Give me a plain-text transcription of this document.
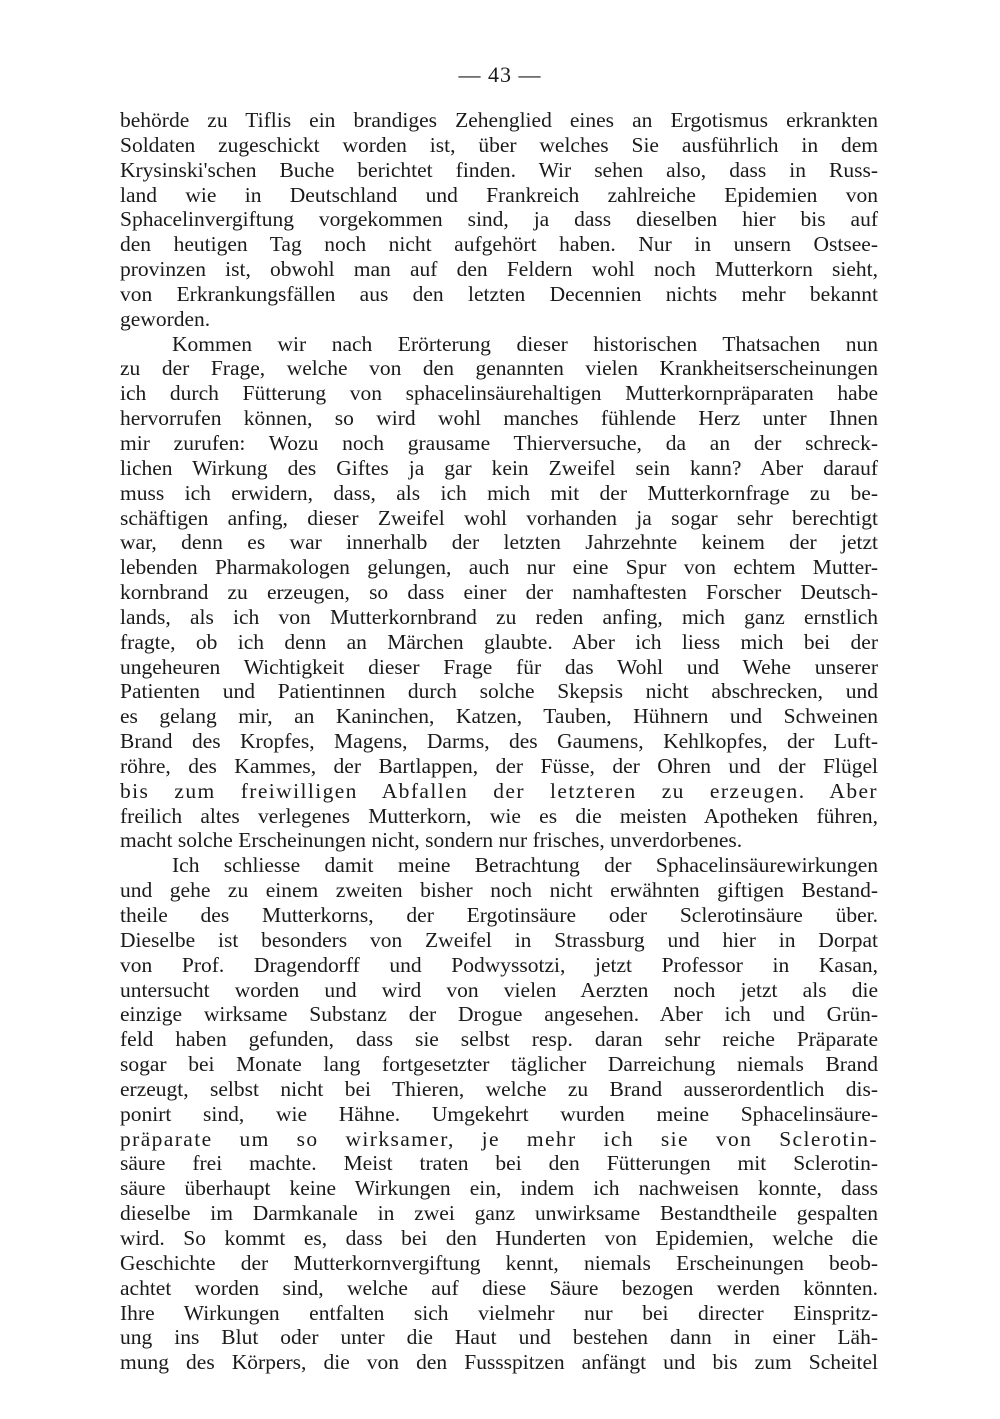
— 43 —
behörde zu Tiflis ein brandiges Zehenglied eines an Ergotismus erkrankten
Soldaten zugeschickt worden ist, über welches Sie ausführlich in dem
Krysinski'schen Buche berichtet finden. Wir sehen also, dass in Russ-
land wie in Deutschland und Frankreich zahlreiche Epidemien von
Sphacelinvergiftung vorgekommen sind, ja dass dieselben hier bis auf
den heutigen Tag noch nicht aufgehört haben. Nur in unsern Ostsee-
provinzen ist, obwohl man auf den Feldern wohl noch Mutterkorn sieht,
von Erkrankungsfällen aus den letzten Decennien nichts mehr bekannt
geworden.
Kommen wir nach Erörterung dieser historischen Thatsachen nun
zu der Frage, welche von den genannten vielen Krankheitserscheinungen
ich durch Fütterung von sphacelinsäurehaltigen Mutterkornpräparaten habe
hervorrufen können, so wird wohl manches fühlende Herz unter Ihnen
mir zurufen: Wozu noch grausame Thierversuche, da an der schreck-
lichen Wirkung des Giftes ja gar kein Zweifel sein kann? Aber darauf
muss ich erwidern, dass, als ich mich mit der Mutterkornfrage zu be-
schäftigen anfing, dieser Zweifel wohl vorhanden ja sogar sehr berechtigt
war, denn es war innerhalb der letzten Jahrzehnte keinem der jetzt
lebenden Pharmakologen gelungen, auch nur eine Spur von echtem Mutter-
kornbrand zu erzeugen, so dass einer der namhaftesten Forscher Deutsch-
lands, als ich von Mutterkornbrand zu reden anfing, mich ganz ernstlich
fragte, ob ich denn an Märchen glaubte. Aber ich liess mich bei der
ungeheuren Wichtigkeit dieser Frage für das Wohl und Wehe unserer
Patienten und Patientinnen durch solche Skepsis nicht abschrecken, und
es gelang mir, an Kaninchen, Katzen, Tauben, Hühnern und Schweinen
Brand des Kropfes, Magens, Darms, des Gaumens, Kehlkopfes, der Luft-
röhre, des Kammes, der Bartlappen, der Füsse, der Ohren und der Flügel
bis zum freiwilligen Abfallen der letzteren zu erzeugen. Aber
freilich altes verlegenes Mutterkorn, wie es die meisten Apotheken führen,
macht solche Erscheinungen nicht, sondern nur frisches, unverdorbenes.
Ich schliesse damit meine Betrachtung der Sphacelinsäurewirkungen
und gehe zu einem zweiten bisher noch nicht erwähnten giftigen Bestand-
theile des Mutterkorns, der Ergotinsäure oder Sclerotinsäure über.
Dieselbe ist besonders von Zweifel in Strassburg und hier in Dorpat
von Prof. Dragendorff und Podwyssotzi, jetzt Professor in Kasan,
untersucht worden und wird von vielen Aerzten noch jetzt als die
einzige wirksame Substanz der Drogue angesehen. Aber ich und Grün-
feld haben gefunden, dass sie selbst resp. daran sehr reiche Präparate
sogar bei Monate lang fortgesetzter täglicher Darreichung niemals Brand
erzeugt, selbst nicht bei Thieren, welche zu Brand ausserordentlich dis-
ponirt sind, wie Hähne. Umgekehrt wurden meine Sphacelinsäure-
präparate um so wirksamer, je mehr ich sie von Sclerotin-
säure frei machte. Meist traten bei den Fütterungen mit Sclerotin-
säure überhaupt keine Wirkungen ein, indem ich nachweisen konnte, dass
dieselbe im Darmkanale in zwei ganz unwirksame Bestandtheile gespalten
wird. So kommt es, dass bei den Hunderten von Epidemien, welche die
Geschichte der Mutterkornvergiftung kennt, niemals Erscheinungen beob-
achtet worden sind, welche auf diese Säure bezogen werden könnten.
Ihre Wirkungen entfalten sich vielmehr nur bei directer Einspritz-
ung ins Blut oder unter die Haut und bestehen dann in einer Läh-
mung des Körpers, die von den Fussspitzen anfängt und bis zum Scheitel
